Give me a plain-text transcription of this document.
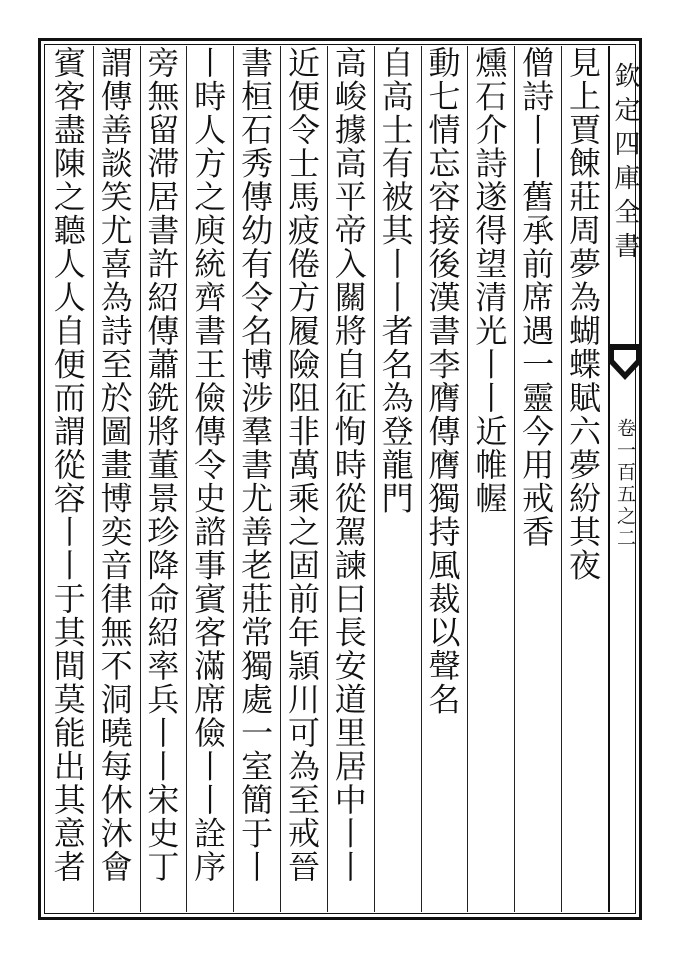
見上賈餗莊周夢為蝴蝶賦六夢紛其夜
僧詩丨丨舊承前席遇一靈今用戒香
燻石介詩遂得望清光丨丨近帷幄
動七情忘容接後漢書李膺傳膺獨持風裁以聲名
自高士有被其丨丨者名為登龍門
高峻據高平帝入關將自征恂時從駕諫曰長安道里居中丨丨
近便令士馬疲倦方履險阻非萬乘之固前年頴川可為至戒晉
書桓石秀傳幼有令名博涉羣書尤善老莊常獨處一室簡于丨
丨時人方之庾統齊書王儉傳令史諮事賓客滿席儉丨丨詮序
旁無留滞居書許紹傳蕭銑將董景珍降命紹率兵丨丨宋史丁
謂傳善談笑尤喜為詩至於圖畫博奕音律無不洞曉每休沐會
賓客盡陳之聽人人自便而謂從容丨丨于其間莫能出其意者	欽定四庫全書
卷一百五之二
